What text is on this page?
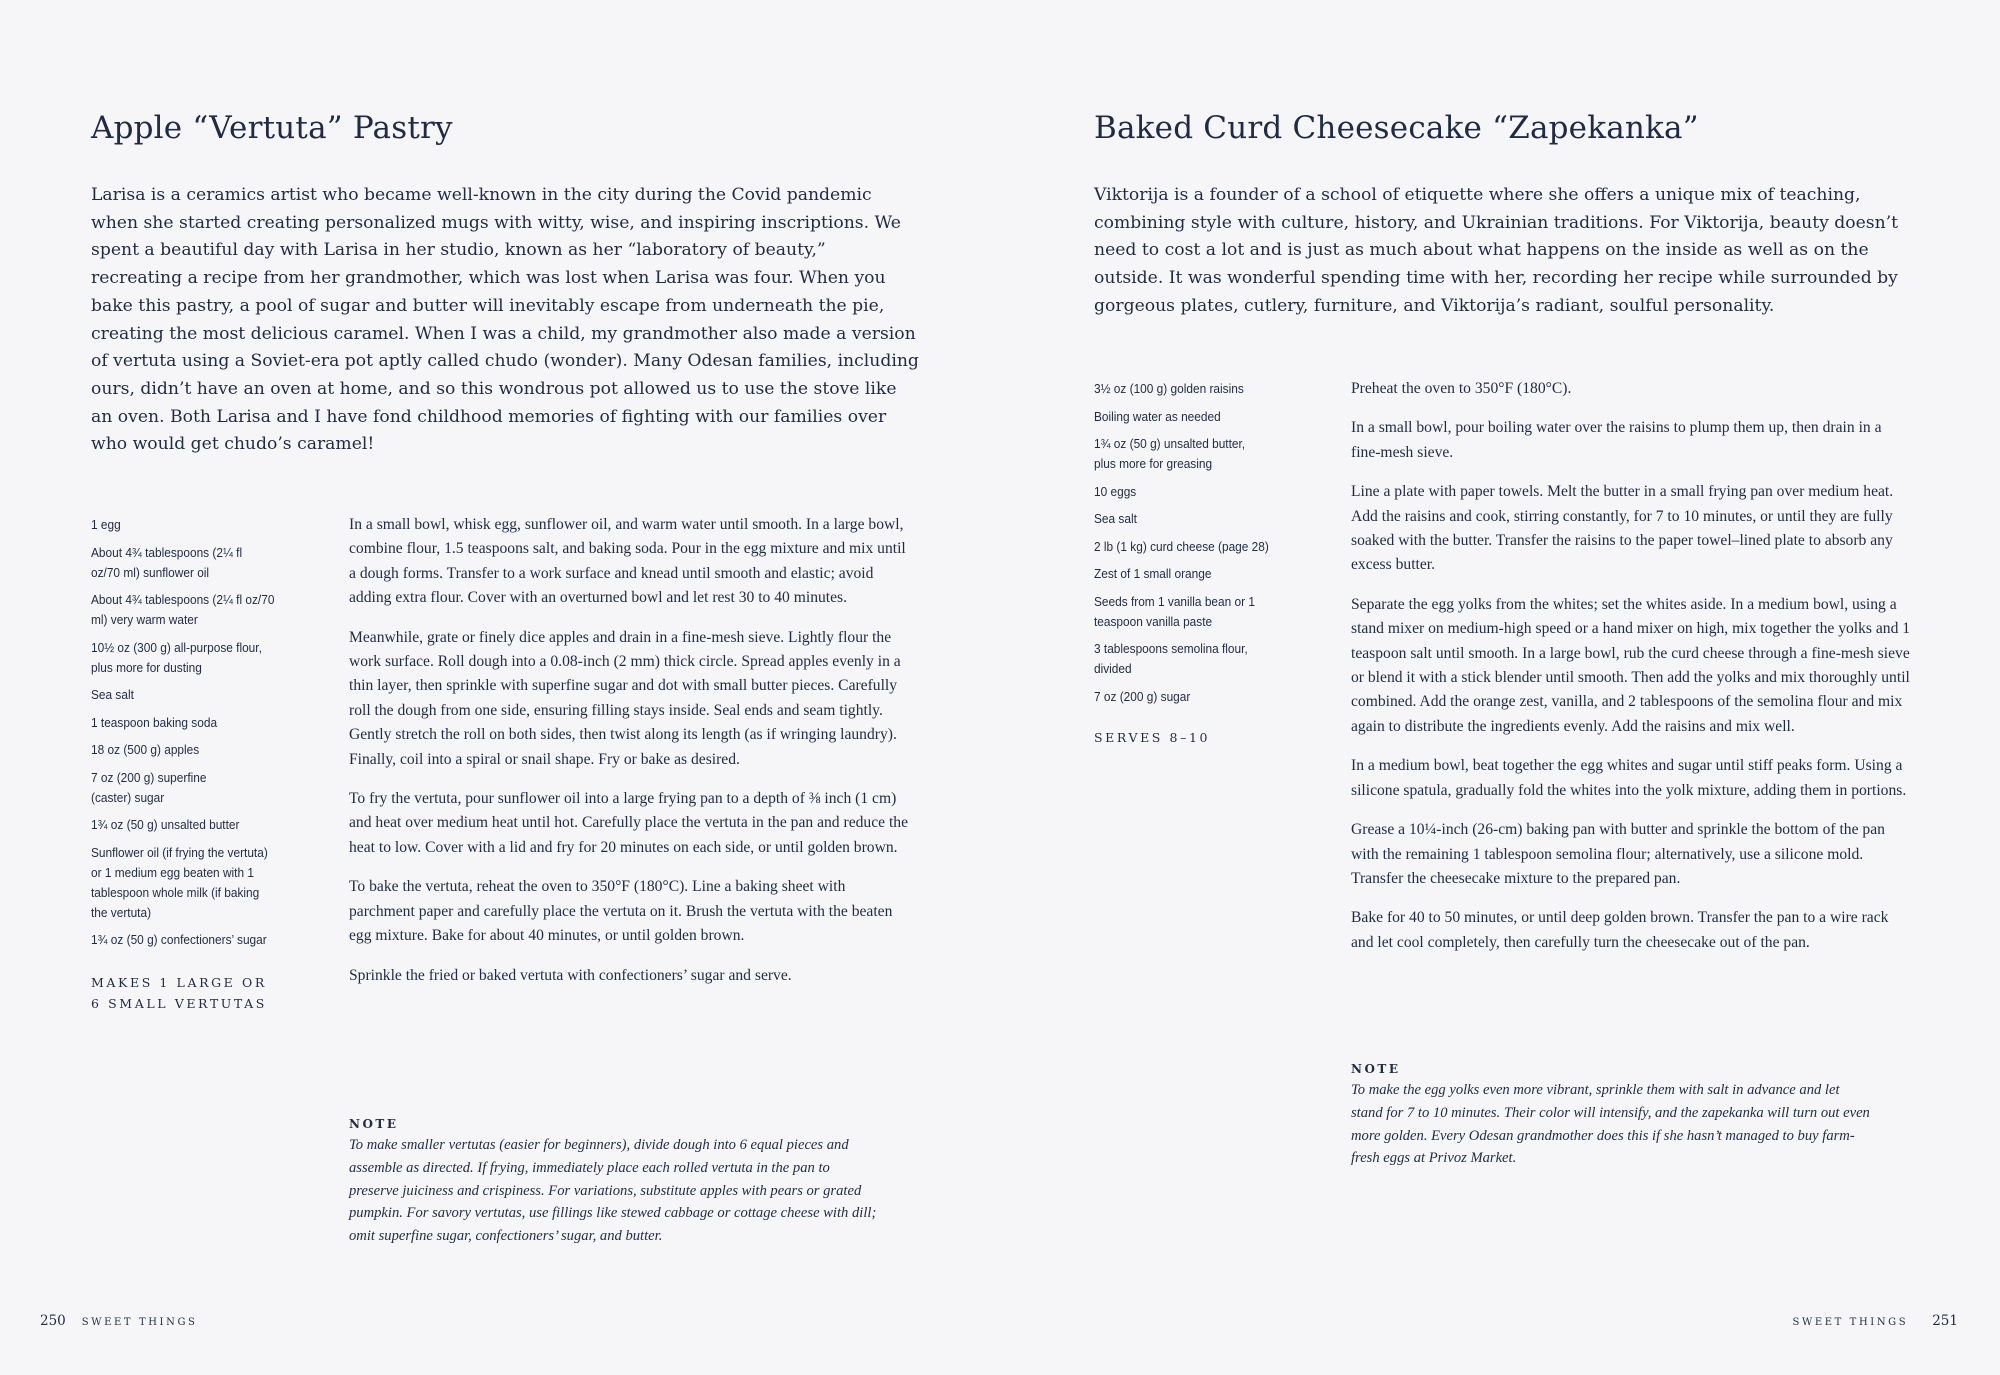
Apple “Vertuta” Pastry

Larisa is a ceramics artist who became well-known in the city during the Covid pandemic when she started creating personalized mugs with witty, wise, and inspiring inscriptions. We spent a beautiful day with Larisa in her studio, known as her “laboratory of beauty,” recreating a recipe from her grandmother, which was lost when Larisa was four. When you bake this pastry, a pool of sugar and butter will inevitably escape from underneath the pie, creating the most delicious caramel. When I was a child, my grandmother also made a version of vertuta using a Soviet-era pot aptly called chudo (wonder). Many Odesan families, including ours, didn’t have an oven at home, and so this wondrous pot allowed us to use the stove like an oven. Both Larisa and I have fond childhood memories of fighting with our families over who would get chudo’s caramel!

1 egg
About 4¾ tablespoons (2¼ fl oz/70 ml) sunflower oil
About 4¾ tablespoons (2¼ fl oz/70 ml) very warm water
10½ oz (300 g) all-purpose flour, plus more for dusting
Sea salt
1 teaspoon baking soda
18 oz (500 g) apples
7 oz (200 g) superfine (caster) sugar
1¾ oz (50 g) unsalted butter
Sunflower oil (if frying the vertuta) or 1 medium egg beaten with 1 tablespoon whole milk (if baking the vertuta)
1¾ oz (50 g) confectioners’ sugar

MAKES 1 LARGE OR 6 SMALL VERTUTAS

In a small bowl, whisk egg, sunflower oil, and warm water until smooth. In a large bowl, combine flour, 1.5 teaspoons salt, and baking soda. Pour in the egg mixture and mix until a dough forms. Transfer to a work surface and knead until smooth and elastic; avoid adding extra flour. Cover with an overturned bowl and let rest 30 to 40 minutes.

Meanwhile, grate or finely dice apples and drain in a fine-mesh sieve. Lightly flour the work surface. Roll dough into a 0.08-inch (2 mm) thick circle. Spread apples evenly in a thin layer, then sprinkle with superfine sugar and dot with small butter pieces. Carefully roll the dough from one side, ensuring filling stays inside. Seal ends and seam tightly. Gently stretch the roll on both sides, then twist along its length (as if wringing laundry). Finally, coil into a spiral or snail shape. Fry or bake as desired.

To fry the vertuta, pour sunflower oil into a large frying pan to a depth of ⅜ inch (1 cm) and heat over medium heat until hot. Carefully place the vertuta in the pan and reduce the heat to low. Cover with a lid and fry for 20 minutes on each side, or until golden brown.

To bake the vertuta, reheat the oven to 350°F (180°C). Line a baking sheet with parchment paper and carefully place the vertuta on it. Brush the vertuta with the beaten egg mixture. Bake for about 40 minutes, or until golden brown.

Sprinkle the fried or baked vertuta with confectioners’ sugar and serve.

NOTE

To make smaller vertutas (easier for beginners), divide dough into 6 equal pieces and assemble as directed. If frying, immediately place each rolled vertuta in the pan to preserve juiciness and crispiness. For variations, substitute apples with pears or grated pumpkin. For savory vertutas, use fillings like stewed cabbage or cottage cheese with dill; omit superfine sugar, confectioners’ sugar, and butter.

250 SWEET THINGS
Baked Curd Cheesecake “Zapekanka”

Viktorija is a founder of a school of etiquette where she offers a unique mix of teaching, combining style with culture, history, and Ukrainian traditions. For Viktorija, beauty doesn’t need to cost a lot and is just as much about what happens on the inside as well as on the outside. It was wonderful spending time with her, recording her recipe while surrounded by gorgeous plates, cutlery, furniture, and Viktorija’s radiant, soulful personality.

3½ oz (100 g) golden raisins
Boiling water as needed
1¾ oz (50 g) unsalted butter, plus more for greasing
10 eggs
Sea salt
2 lb (1 kg) curd cheese (page 28)
Zest of 1 small orange
Seeds from 1 vanilla bean or 1 teaspoon vanilla paste
3 tablespoons semolina flour, divided
7 oz (200 g) sugar

SERVES 8–10

Preheat the oven to 350°F (180°C).

In a small bowl, pour boiling water over the raisins to plump them up, then drain in a fine-mesh sieve.

Line a plate with paper towels. Melt the butter in a small frying pan over medium heat. Add the raisins and cook, stirring constantly, for 7 to 10 minutes, or until they are fully soaked with the butter. Transfer the raisins to the paper towel–lined plate to absorb any excess butter.

Separate the egg yolks from the whites; set the whites aside. In a medium bowl, using a stand mixer on medium-high speed or a hand mixer on high, mix together the yolks and 1 teaspoon salt until smooth. In a large bowl, rub the curd cheese through a fine-mesh sieve or blend it with a stick blender until smooth. Then add the yolks and mix thoroughly until combined. Add the orange zest, vanilla, and 2 tablespoons of the semolina flour and mix again to distribute the ingredients evenly. Add the raisins and mix well.

In a medium bowl, beat together the egg whites and sugar until stiff peaks form. Using a silicone spatula, gradually fold the whites into the yolk mixture, adding them in portions.

Grease a 10¼-inch (26-cm) baking pan with butter and sprinkle the bottom of the pan with the remaining 1 tablespoon semolina flour; alternatively, use a silicone mold. Transfer the cheesecake mixture to the prepared pan.

Bake for 40 to 50 minutes, or until deep golden brown. Transfer the pan to a wire rack and let cool completely, then carefully turn the cheesecake out of the pan.

NOTE

To make the egg yolks even more vibrant, sprinkle them with salt in advance and let stand for 7 to 10 minutes. Their color will intensify, and the zapekanka will turn out even more golden. Every Odesan grandmother does this if she hasn’t managed to buy farm-fresh eggs at Privoz Market.

SWEET THINGS 251
